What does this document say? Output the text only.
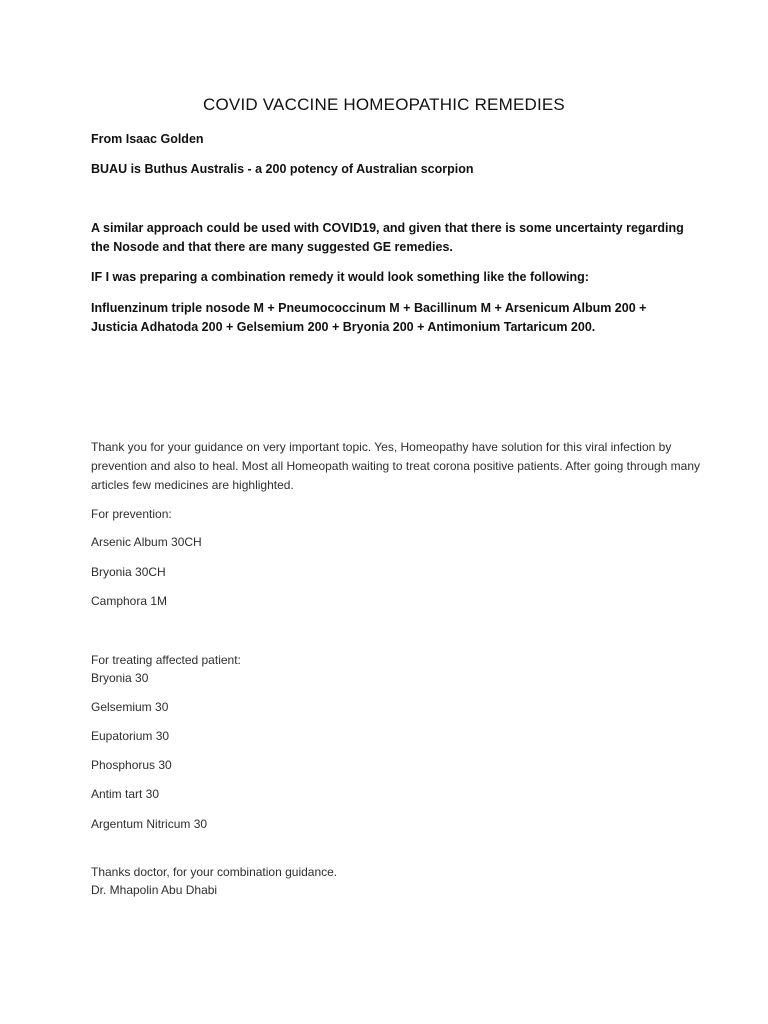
COVID VACCINE HOMEOPATHIC REMEDIES

From Isaac Golden

BUAU is Buthus Australis - a 200 potency of Australian scorpion

A similar approach could be used with COVID19, and given that there is some uncertainty regarding the Nosode and that there are many suggested GE remedies.

IF I was preparing a combination remedy it would look something like the following:

Influenzinum triple nosode M + Pneumococcinum M + Bacillinum M + Arsenicum Album 200 + Justicia Adhatoda 200 + Gelsemium 200 + Bryonia 200 + Antimonium Tartaricum 200.

Thank you for your guidance on very important topic. Yes, Homeopathy have solution for this viral infection by prevention and also to heal. Most all Homeopath waiting to treat corona positive patients. After going through many articles few medicines are highlighted.

For prevention:

Arsenic Album 30CH

Bryonia 30CH

Camphora 1M

For treating affected patient:

Bryonia 30

Gelsemium 30

Eupatorium 30

Phosphorus 30

Antim tart 30

Argentum Nitricum 30

Thanks doctor, for your combination guidance.

Dr. Mhapolin Abu Dhabi
